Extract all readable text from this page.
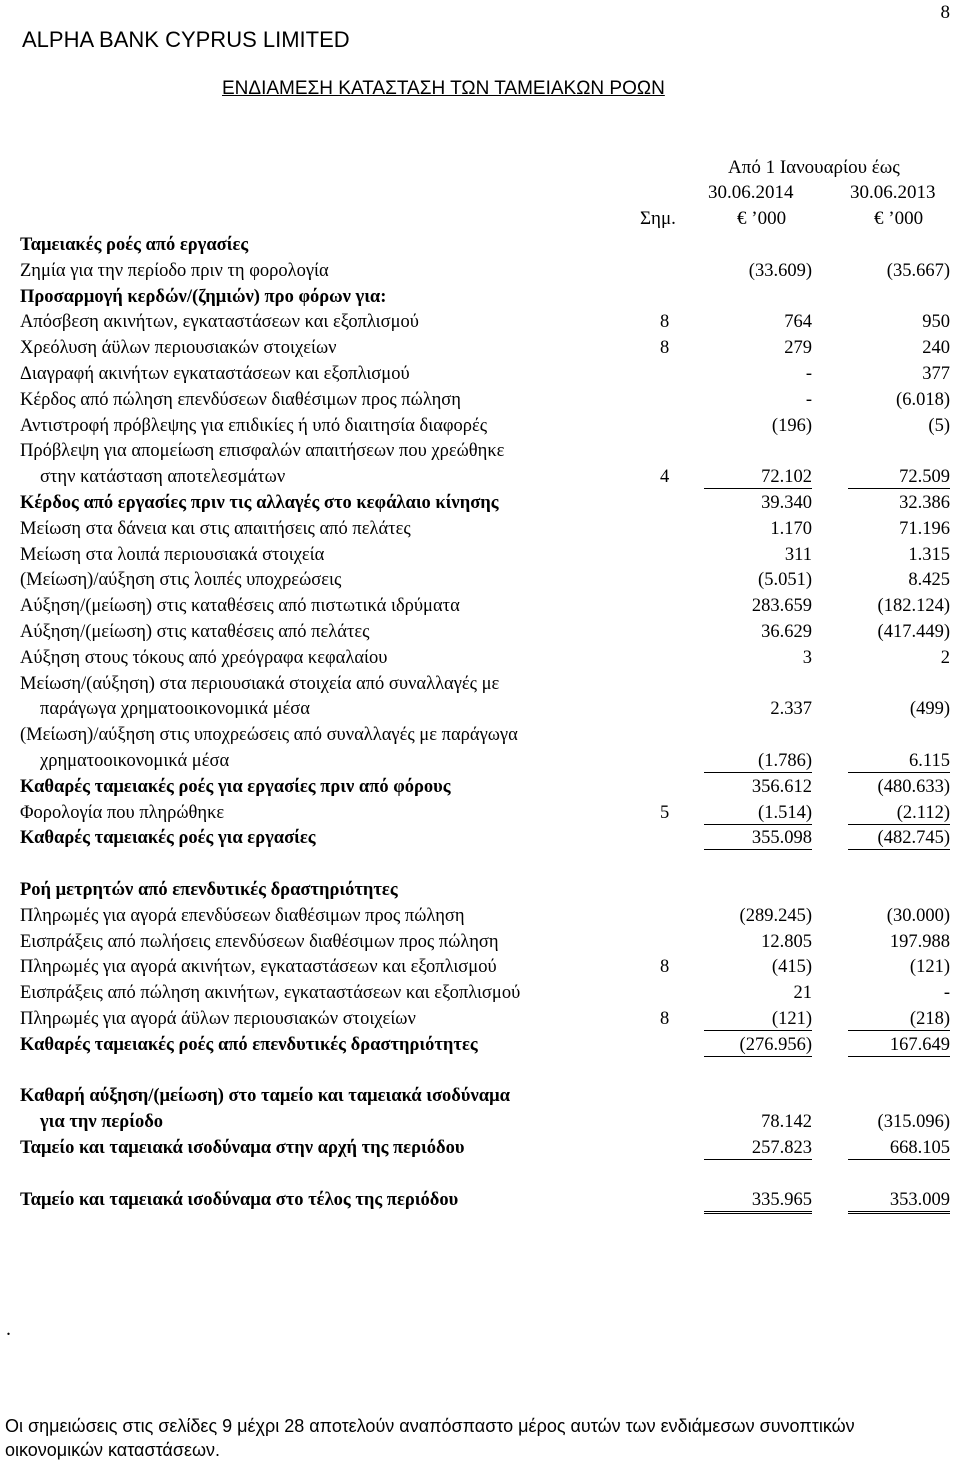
8
ALPHA BANK CYPRUS LIMITED
ΕΝΔΙΑΜΕΣΗ ΚΑΤΑΣΤΑΣΗ ΤΩΝ ΤΑΜΕΙΑΚΩΝ ΡΟΩΝ
Από 1 Ιανουαρίου έως
30.06.2014	30.06.2013
Σημ.	€ ’000	€ ’000
Ταμειακές ροές από εργασίες
Ζημία για την περίοδο πριν τη φορολογία	(33.609)	(35.667)
Προσαρμογή κερδών/(ζημιών) προ φόρων για:
Απόσβεση ακινήτων, εγκαταστάσεων και εξοπλισμού	8	764	950
Χρεόλυση άϋλων περιουσιακών στοιχείων	8	279	240
Διαγραφή ακινήτων εγκαταστάσεων και εξοπλισμού	-	377
Κέρδος από πώληση επενδύσεων διαθέσιμων προς πώληση	-	(6.018)
Αντιστροφή πρόβλεψης για επιδικίες ή υπό διαιτησία διαφορές	(196)	(5)
Πρόβλεψη για απομείωση επισφαλών απαιτήσεων που χρεώθηκε
στην κατάσταση αποτελεσμάτων	4	72.102	72.509
Κέρδος από εργασίες πριν τις αλλαγές στο κεφάλαιο κίνησης	39.340	32.386
Μείωση στα δάνεια και στις απαιτήσεις από πελάτες	1.170	71.196
Μείωση στα λοιπά περιουσιακά στοιχεία	311	1.315
(Μείωση)/αύξηση στις λοιπές υποχρεώσεις	(5.051)	8.425
Αύξηση/(μείωση) στις καταθέσεις από πιστωτικά ιδρύματα	283.659	(182.124)
Αύξηση/(μείωση) στις καταθέσεις από πελάτες	36.629	(417.449)
Αύξηση στους τόκους από χρεόγραφα κεφαλαίου	3	2
Μείωση/(αύξηση) στα περιουσιακά στοιχεία από συναλλαγές με
παράγωγα χρηματοοικονομικά μέσα	2.337	(499)
(Μείωση)/αύξηση στις υποχρεώσεις από συναλλαγές με παράγωγα
χρηματοοικονομικά μέσα	(1.786)	6.115
Καθαρές ταμειακές ροές για εργασίες πριν από φόρους	356.612	(480.633)
Φορολογία που πληρώθηκε	5	(1.514)	(2.112)
Καθαρές ταμειακές ροές για εργασίες	355.098	(482.745)
Ροή μετρητών από επενδυτικές δραστηριότητες
Πληρωμές για αγορά επενδύσεων διαθέσιμων προς πώληση	(289.245)	(30.000)
Εισπράξεις από πωλήσεις επενδύσεων διαθέσιμων προς πώληση	12.805	197.988
Πληρωμές για αγορά ακινήτων, εγκαταστάσεων και εξοπλισμού	8	(415)	(121)
Εισπράξεις από πώληση ακινήτων, εγκαταστάσεων και εξοπλισμού	21	-
Πληρωμές για αγορά άϋλων περιουσιακών στοιχείων	8	(121)	(218)
Καθαρές ταμειακές ροές από επενδυτικές δραστηριότητες	(276.956)	167.649
Καθαρή αύξηση/(μείωση) στο ταμείο και ταμειακά ισοδύναμα
για την περίοδο	78.142	(315.096)
Ταμείο και ταμειακά ισοδύναμα στην αρχή της περιόδου	257.823	668.105
Ταμείο και ταμειακά ισοδύναμα στο τέλος της περιόδου	335.965	353.009
.
Οι σημειώσεις στις σελίδες 9 μέχρι 28 αποτελούν αναπόσπαστο μέρος αυτών των ενδιάμεσων συνοπτικών οικονομικών καταστάσεων.
